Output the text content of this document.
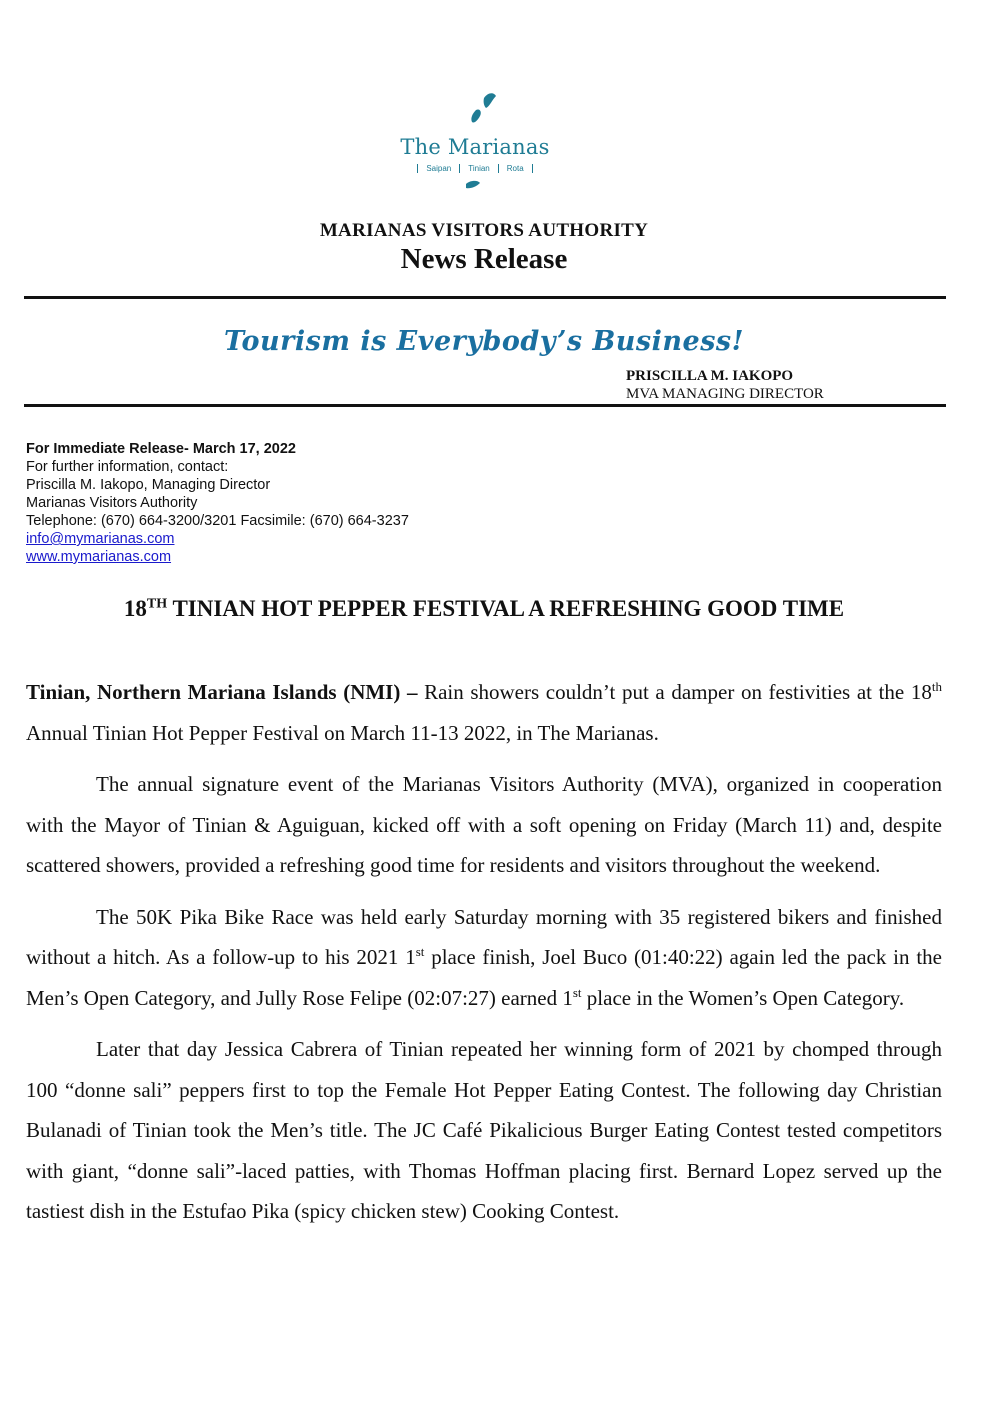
The Marianas
Saipan Tinian Rota
MARIANAS VISITORS AUTHORITY
News Release
Tourism is Everybody’s Business!
PRISCILLA M. IAKOPO
MVA MANAGING DIRECTOR
For Immediate Release- March 17, 2022
For further information, contact:
Priscilla M. Iakopo, Managing Director
Marianas Visitors Authority
Telephone: (670) 664-3200/3201 Facsimile: (670) 664-3237
info@mymarianas.com
www.mymarianas.com
18TH TINIAN HOT PEPPER FESTIVAL A REFRESHING GOOD TIME

Tinian, Northern Mariana Islands (NMI) – Rain showers couldn’t put a damper on festivities at the 18th Annual Tinian Hot Pepper Festival on March 11-13 2022, in The Marianas.

The annual signature event of the Marianas Visitors Authority (MVA), organized in cooperation with the Mayor of Tinian & Aguiguan, kicked off with a soft opening on Friday (March 11) and, despite scattered showers, provided a refreshing good time for residents and visitors throughout the weekend.

The 50K Pika Bike Race was held early Saturday morning with 35 registered bikers and finished without a hitch. As a follow-up to his 2021 1st place finish, Joel Buco (01:40:22) again led the pack in the Men’s Open Category, and Jully Rose Felipe (02:07:27) earned 1st place in the Women’s Open Category.

Later that day Jessica Cabrera of Tinian repeated her winning form of 2021 by chomped through 100 “donne sali” peppers first to top the Female Hot Pepper Eating Contest. The following day Christian Bulanadi of Tinian took the Men’s title. The JC Café Pikalicious Burger Eating Contest tested competitors with giant, “donne sali”-laced patties, with Thomas Hoffman placing first. Bernard Lopez served up the tastiest dish in the Estufao Pika (spicy chicken stew) Cooking Contest.
